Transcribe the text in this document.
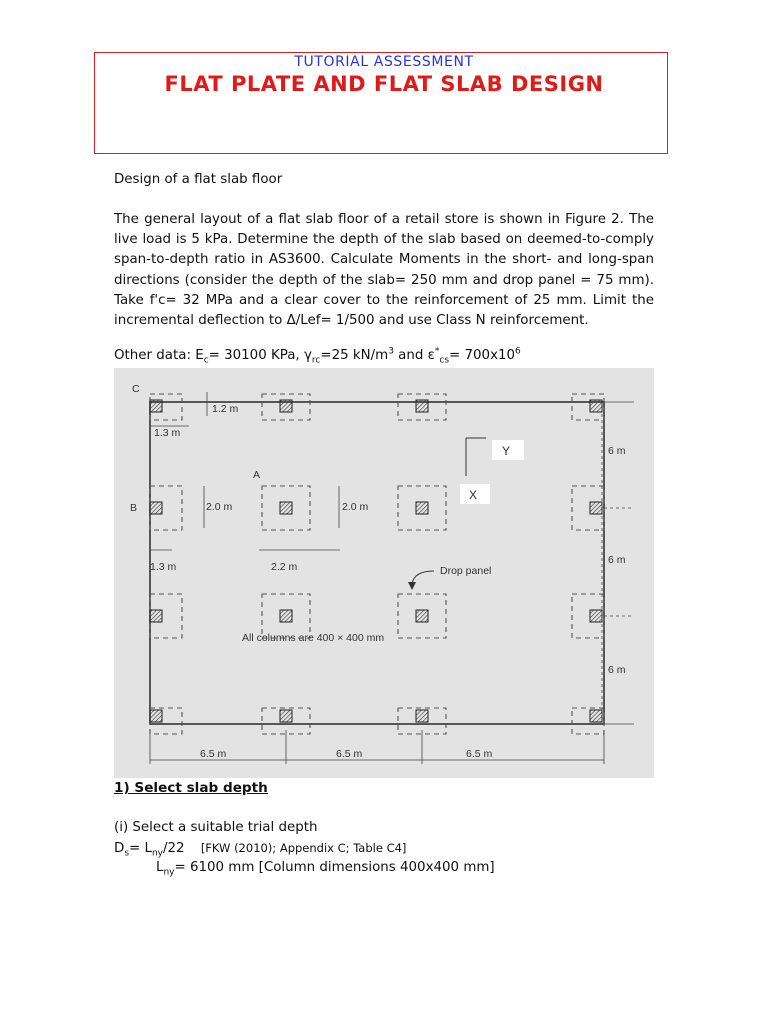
TUTORIAL ASSESSMENT
FLAT PLATE AND FLAT SLAB DESIGN
Design of a flat slab floor

The general layout of a flat slab floor of a retail store is shown in Figure 2. The live load is 5 kPa. Determine the depth of the slab based on deemed-to-comply span-to-depth ratio in AS3600. Calculate Moments in the short- and long-span directions (consider the depth of the slab= 250 mm and drop panel = 75 mm). Take f'c= 32 MPa and a clear cover to the reinforcement of 25 mm. Limit the incremental deflection to Δ/Lef= 1/500 and use Class N reinforcement.

Other data: $E_c= 30100$ KPa, $\gamma_{rc}=25$ $kN/m^3$ and $\varepsilon^*_{cs}= 700x10^6$
C
B
A
1.2 m
1.3 m
2.0 m	2.0 m
1.3 m	2.2 m	Drop panel
All columns are 400 × 400 mm
6 m
6 m
6 m
6.5 m	6.5 m	6.5 m
Y
X
1) Select slab depth
(i) Select a suitable trial depth
$D_s= L_{ny}/22$ [FKW (2010); Appendix C; Table C4]
$L_{ny}= 6100$ mm [Column dimensions 400x400 mm]
